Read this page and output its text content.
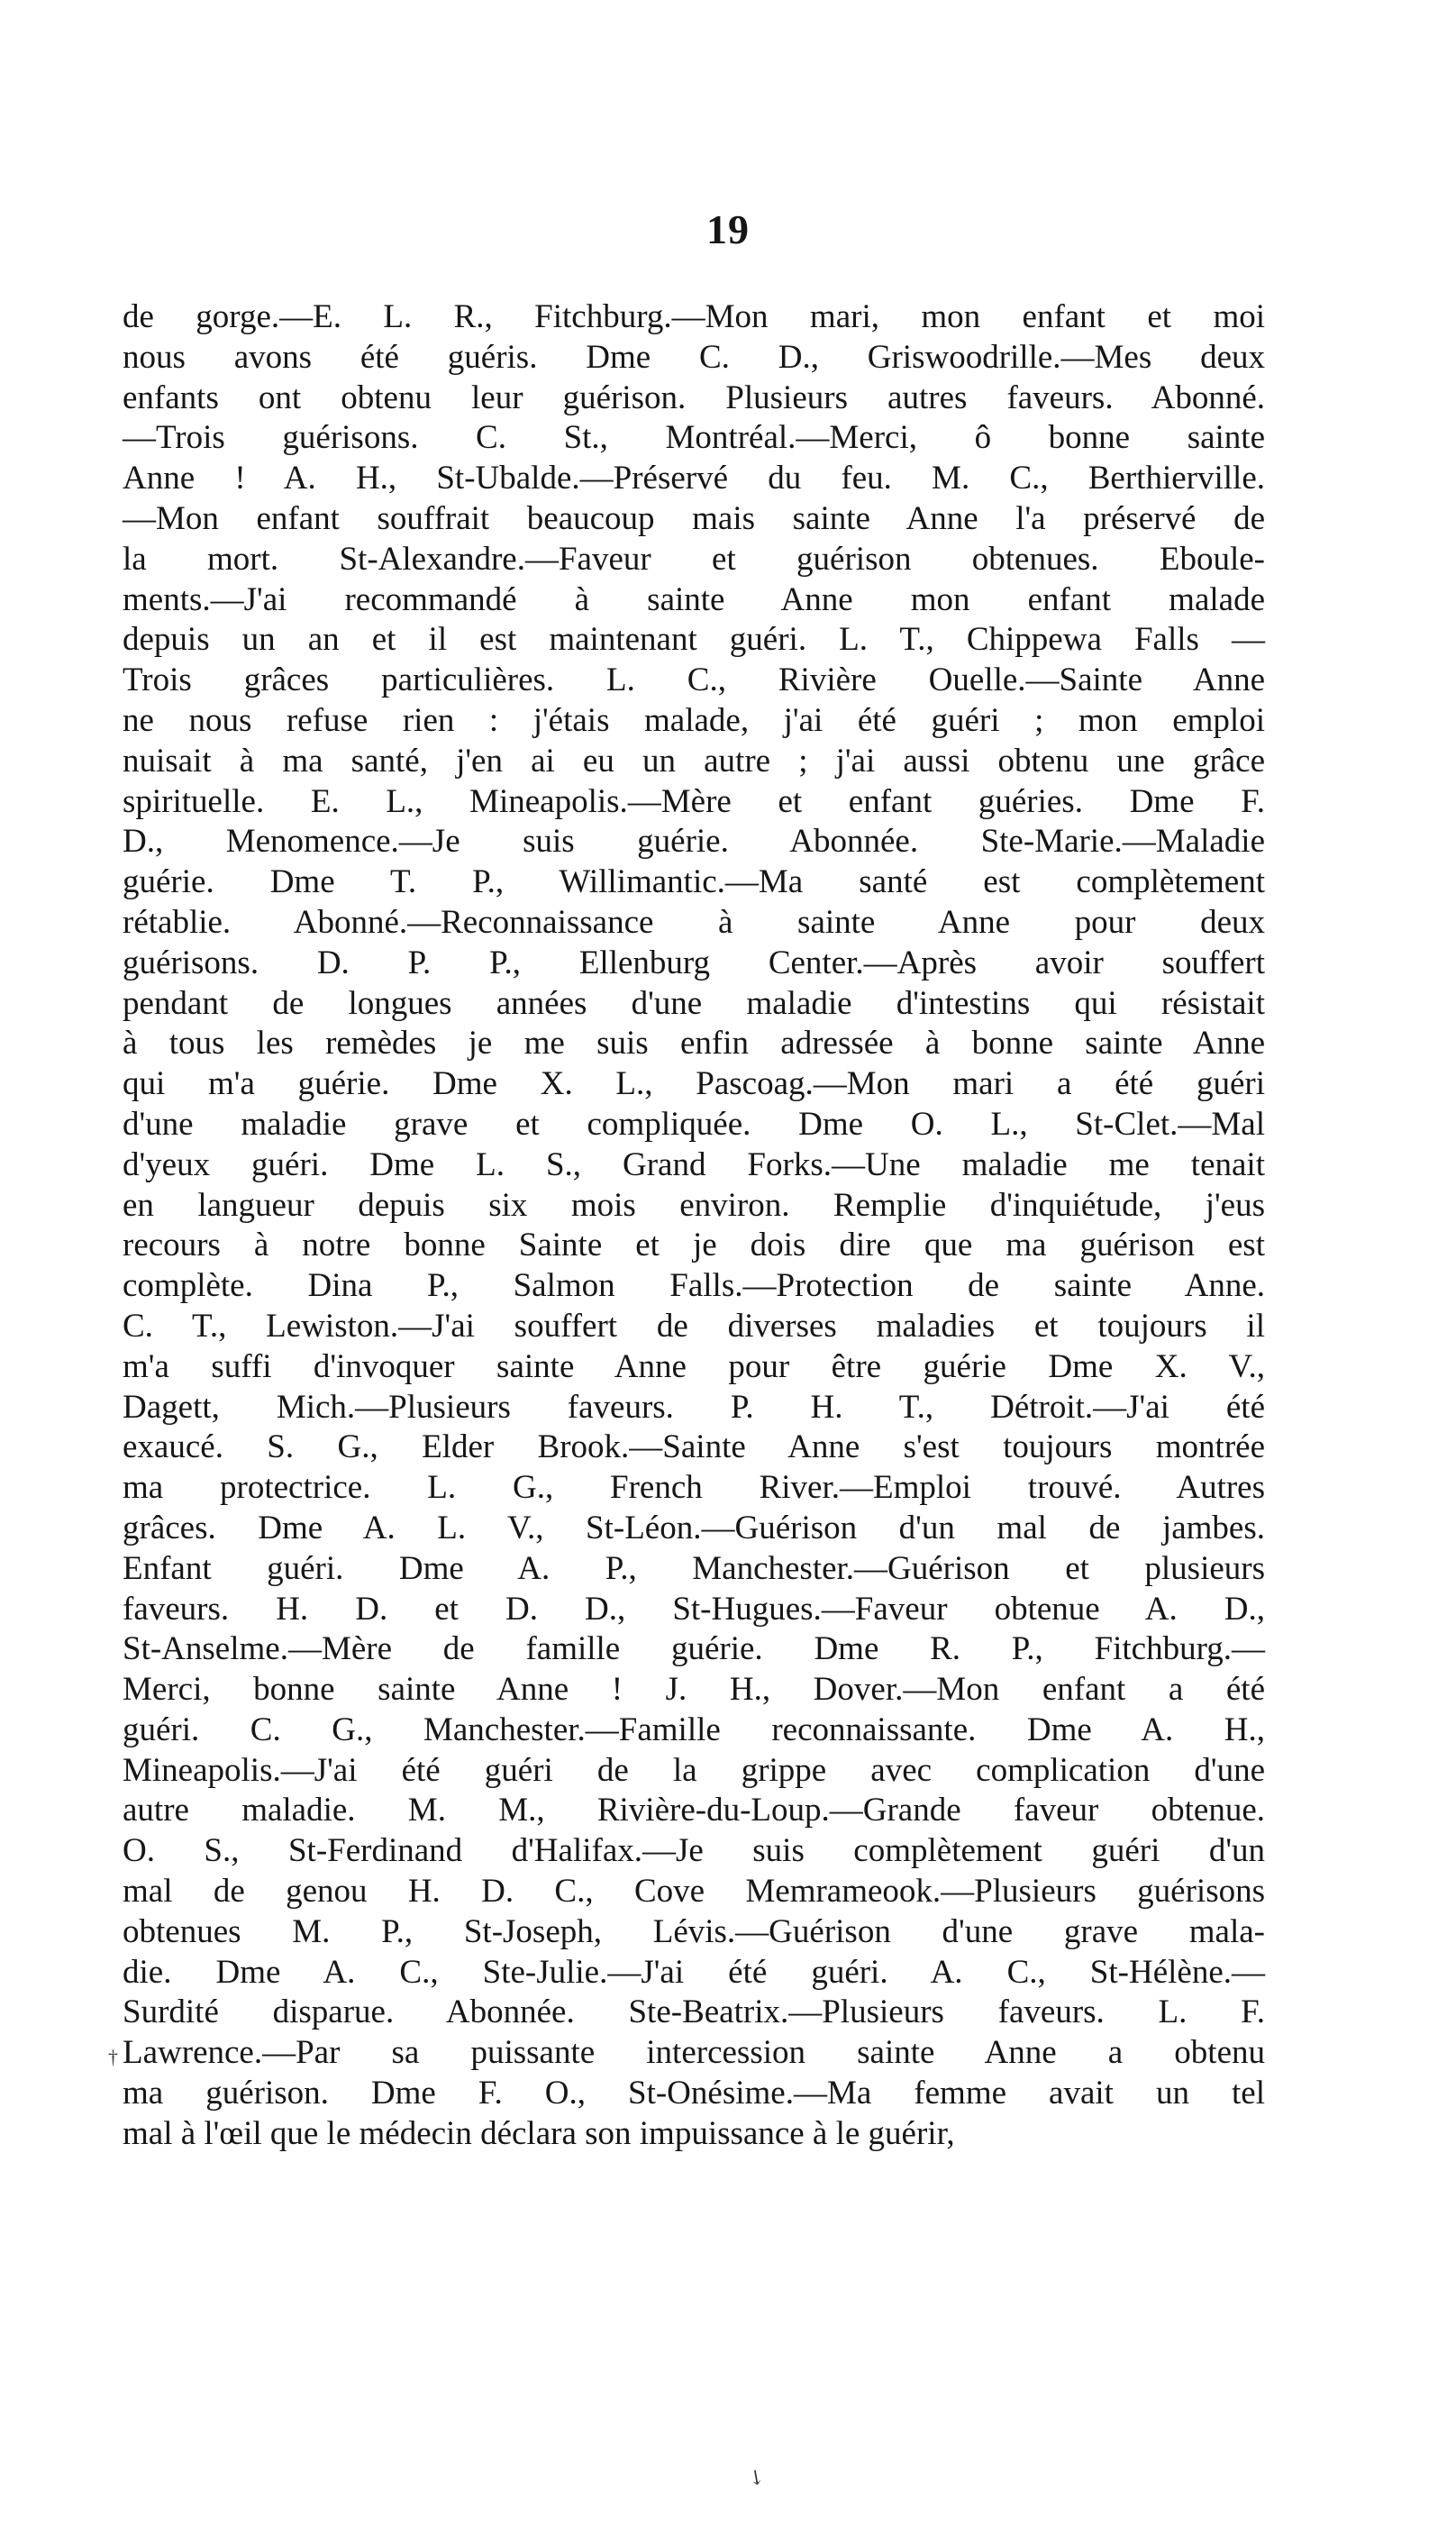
19
de gorge.—E. L. R., Fitchburg.—Mon mari, mon enfant et moi
nous avons été guéris. Dme C. D., Griswoodrille.—Mes deux
enfants ont obtenu leur guérison. Plusieurs autres faveurs. Abonné.
—Trois guérisons. C. St., Montréal.—Merci, ô bonne sainte
Anne ! A. H., St-Ubalde.—Préservé du feu. M. C., Berthierville.
—Mon enfant souffrait beaucoup mais sainte Anne l'a préservé de
la mort. St-Alexandre.—Faveur et guérison obtenues. Eboule-
ments.—J'ai recommandé à sainte Anne mon enfant malade
depuis un an et il est maintenant guéri. L. T., Chippewa Falls —
Trois grâces particulières. L. C., Rivière Ouelle.—Sainte Anne
ne nous refuse rien : j'étais malade, j'ai été guéri ; mon emploi
nuisait à ma santé, j'en ai eu un autre ; j'ai aussi obtenu une grâce
spirituelle. E. L., Mineapolis.—Mère et enfant guéries. Dme F.
D., Menomence.—Je suis guérie. Abonnée. Ste-Marie.—Maladie
guérie. Dme T. P., Willimantic.—Ma santé est complètement
rétablie. Abonné.—Reconnaissance à sainte Anne pour deux
guérisons. D. P. P., Ellenburg Center.—Après avoir souffert
pendant de longues années d'une maladie d'intestins qui résistait
à tous les remèdes je me suis enfin adressée à bonne sainte Anne
qui m'a guérie. Dme X. L., Pascoag.—Mon mari a été guéri
d'une maladie grave et compliquée. Dme O. L., St-Clet.—Mal
d'yeux guéri. Dme L. S., Grand Forks.—Une maladie me tenait
en langueur depuis six mois environ. Remplie d'inquiétude, j'eus
recours à notre bonne Sainte et je dois dire que ma guérison est
complète. Dina P., Salmon Falls.—Protection de sainte Anne.
C. T., Lewiston.—J'ai souffert de diverses maladies et toujours il
m'a suffi d'invoquer sainte Anne pour être guérie Dme X. V.,
Dagett, Mich.—Plusieurs faveurs. P. H. T., Détroit.—J'ai été
exaucé. S. G., Elder Brook.—Sainte Anne s'est toujours montrée
ma protectrice. L. G., French River.—Emploi trouvé. Autres
grâces. Dme A. L. V., St-Léon.—Guérison d'un mal de jambes.
Enfant guéri. Dme A. P., Manchester.—Guérison et plusieurs
faveurs. H. D. et D. D., St-Hugues.—Faveur obtenue A. D.,
St-Anselme.—Mère de famille guérie. Dme R. P., Fitchburg.—
Merci, bonne sainte Anne ! J. H., Dover.—Mon enfant a été
guéri. C. G., Manchester.—Famille reconnaissante. Dme A. H.,
Mineapolis.—J'ai été guéri de la grippe avec complication d'une
autre maladie. M. M., Rivière-du-Loup.—Grande faveur obtenue.
O. S., St-Ferdinand d'Halifax.—Je suis complètement guéri d'un
mal de genou H. D. C., Cove Memrameook.—Plusieurs guérisons
obtenues M. P., St-Joseph, Lévis.—Guérison d'une grave mala-
die. Dme A. C., Ste-Julie.—J'ai été guéri. A. C., St-Hélène.—
Surdité disparue. Abonnée. Ste-Beatrix.—Plusieurs faveurs. L. F.
Lawrence.—Par sa puissante intercession sainte Anne a obtenu
ma guérison. Dme F. O., St-Onésime.—Ma femme avait un tel
mal à l'œil que le médecin déclara son impuissance à le guérir,
†
↘
